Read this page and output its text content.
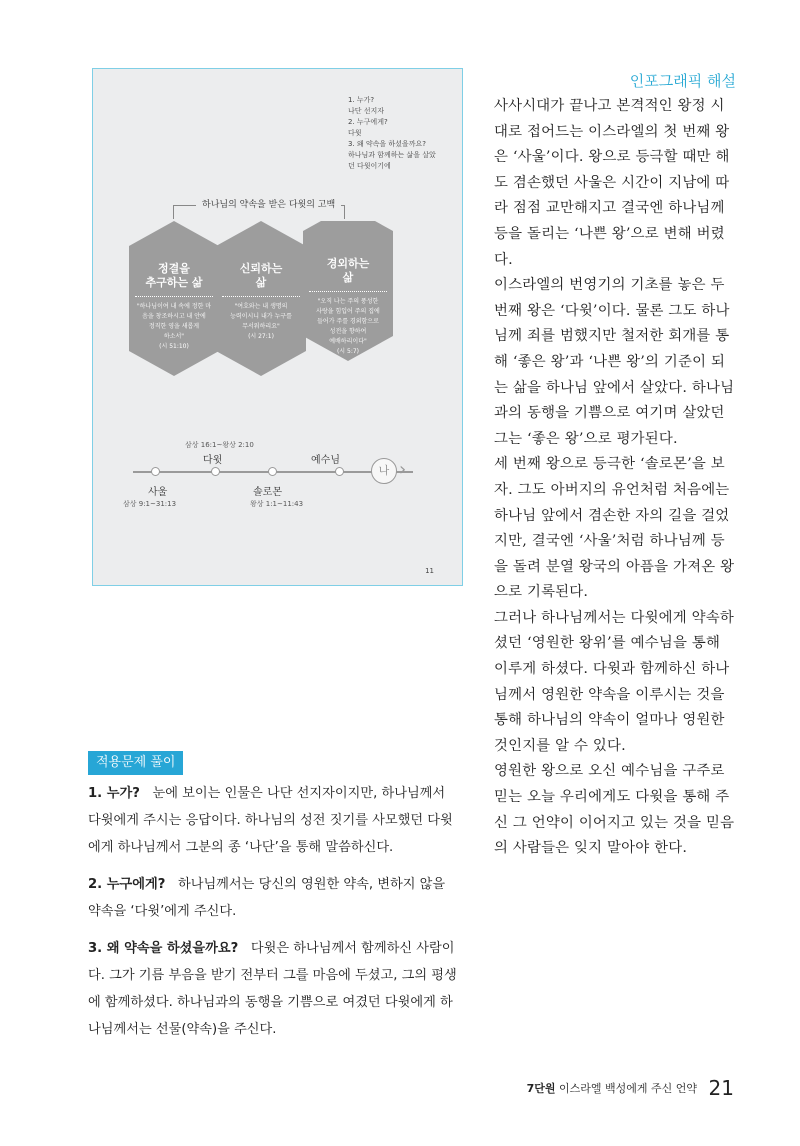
1. 누가?
나단 선지자
2. 누구에게?
다윗
3. 왜 약속을 하셨을까요?
하나님과 함께하는 삶을 살았
던 다윗이기에
하나님의 약속을 받은 다윗의 고백
정결을
추구하는 삶
"하나님이여 내 속에 정한 마
음을 창조하시고 내 안에
정직한 영을 새롭게
하소서"
(시 51:10)
신뢰하는
삶
"여호와는 내 생명의
능력이시니 내가 누구를
무서워하리요"
(시 27:1)
경외하는
삶
"오직 나는 주의 풍성한
사랑을 힘입어 주의 집에
들어가 주를 경외함으로
성전을 향하여
예배하리이다"
(시 5:7)
삼상 16:1~왕상 2:10
다윗	예수님
나 ›
사울
삼상 9:1~31:13
솔로몬
왕상 1:1~11:43
11
인포그래픽 해설

사사시대가 끝나고 본격적인 왕정 시대로 접어드는 이스라엘의 첫 번째 왕은 ‘사울’이다. 왕으로 등극할 때만 해도 겸손했던 사울은 시간이 지남에 따라 점점 교만해지고 결국엔 하나님께 등을 돌리는 ‘나쁜 왕’으로 변해 버렸다.

이스라엘의 번영기의 기초를 놓은 두 번째 왕은 ‘다윗’이다. 물론 그도 하나님께 죄를 범했지만 철저한 회개를 통해 ‘좋은 왕’과 ‘나쁜 왕’의 기준이 되는 삶을 하나님 앞에서 살았다. 하나님과의 동행을 기쁨으로 여기며 살았던 그는 ‘좋은 왕’으로 평가된다.

세 번째 왕으로 등극한 ‘솔로몬’을 보자. 그도 아버지의 유언처럼 처음에는 하나님 앞에서 겸손한 자의 길을 걸었지만, 결국엔 ‘사울’처럼 하나님께 등을 돌려 분열 왕국의 아픔을 가져온 왕으로 기록된다.

그러나 하나님께서는 다윗에게 약속하셨던 ‘영원한 왕위’를 예수님을 통해 이루게 하셨다. 다윗과 함께하신 하나님께서 영원한 약속을 이루시는 것을 통해 하나님의 약속이 얼마나 영원한 것인지를 알 수 있다.

영원한 왕으로 오신 예수님을 구주로 믿는 오늘 우리에게도 다윗을 통해 주신 그 언약이 이어지고 있는 것을 믿음의 사람들은 잊지 말아야 한다.

적용문제 풀이

1. 누가? 눈에 보이는 인물은 나단 선지자이지만, 하나님께서 다윗에게 주시는 응답이다. 하나님의 성전 짓기를 사모했던 다윗에게 하나님께서 그분의 종 ‘나단’을 통해 말씀하신다.

2. 누구에게? 하나님께서는 당신의 영원한 약속, 변하지 않을 약속을 ‘다윗’에게 주신다.

3. 왜 약속을 하셨을까요? 다윗은 하나님께서 함께하신 사람이다. 그가 기름 부음을 받기 전부터 그를 마음에 두셨고, 그의 평생에 함께하셨다. 하나님과의 동행을 기쁨으로 여겼던 다윗에게 하나님께서는 선물(약속)을 주신다.

7단원 이스라엘 백성에게 주신 언약 21
